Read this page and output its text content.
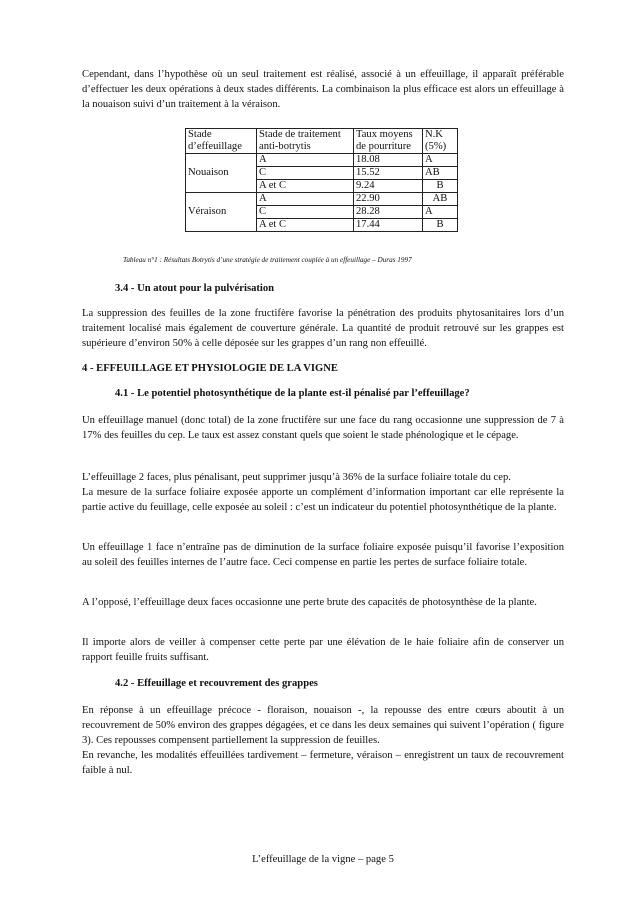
Cependant, dans l’hypothèse où un seul traitement est réalisé, associé à un effeuillage, il apparaît préférable d’effectuer les deux opérations à deux stades différents. La combinaison la plus efficace est alors un effeuillage à la nouaison suivi d’un traitement à la véraison.

Stade d’effeuillage	Stade de traitement anti-botrytis	Taux moyens de pourriture	N.K (5%)
Nouaison	A	18.08	A
	C	15.52	AB
	A et C	9.24	B
Véraison	A	22.90	AB
	C	28.28	A
	A et C	17.44	B
Tableau n°1 : Résultats Botrytis d’une stratégie de traitement couplée à un effeuillage – Duras 1997
3.4 - Un atout pour la pulvérisation

La suppression des feuilles de la zone fructifère favorise la pénétration des produits phytosanitaires lors d’un traitement localisé mais également de couverture générale. La quantité de produit retrouvé sur les grappes est supérieure d’environ 50% à celle déposée sur les grappes d’un rang non effeuillé.

4 - EFFEUILLAGE ET PHYSIOLOGIE DE LA VIGNE
4.1 - Le potentiel photosynthétique de la plante est-il pénalisé par l’effeuillage?

Un effeuillage manuel (donc total) de la zone fructifère sur une face du rang occasionne une suppression de 7 à 17% des feuilles du cep. Le taux est assez constant quels que soient le stade phénologique et le cépage.

L’effeuillage 2 faces, plus pénalisant, peut supprimer jusqu’à 36% de la surface foliaire totale du cep.

La mesure de la surface foliaire exposée apporte un complément d’information important car elle représente la partie active du feuillage, celle exposée au soleil : c’est un indicateur du potentiel photosynthétique de la plante.

Un effeuillage 1 face n’entraîne pas de diminution de la surface foliaire exposée puisqu’il favorise l’exposition au soleil des feuilles internes de l’autre face. Ceci compense en partie les pertes de surface foliaire totale.

A l’opposé, l’effeuillage deux faces occasionne une perte brute des capacités de photosynthèse de la plante.

Il importe alors de veiller à compenser cette perte par une élévation de le haie foliaire afin de conserver un rapport feuille fruits suffisant.

4.2 - Effeuillage et recouvrement des grappes

En réponse à un effeuillage précoce - floraison, nouaison -, la repousse des entre cœurs aboutit à un recouvrement de 50% environ des grappes dégagées, et ce dans les deux semaines qui suivent l’opération ( figure 3). Ces repousses compensent partiellement la suppression de feuilles.

En revanche, les modalités effeuillées tardivement – fermeture, véraison – enregistrent un taux de recouvrement faible à nul.

L’effeuillage de la vigne – page 5
